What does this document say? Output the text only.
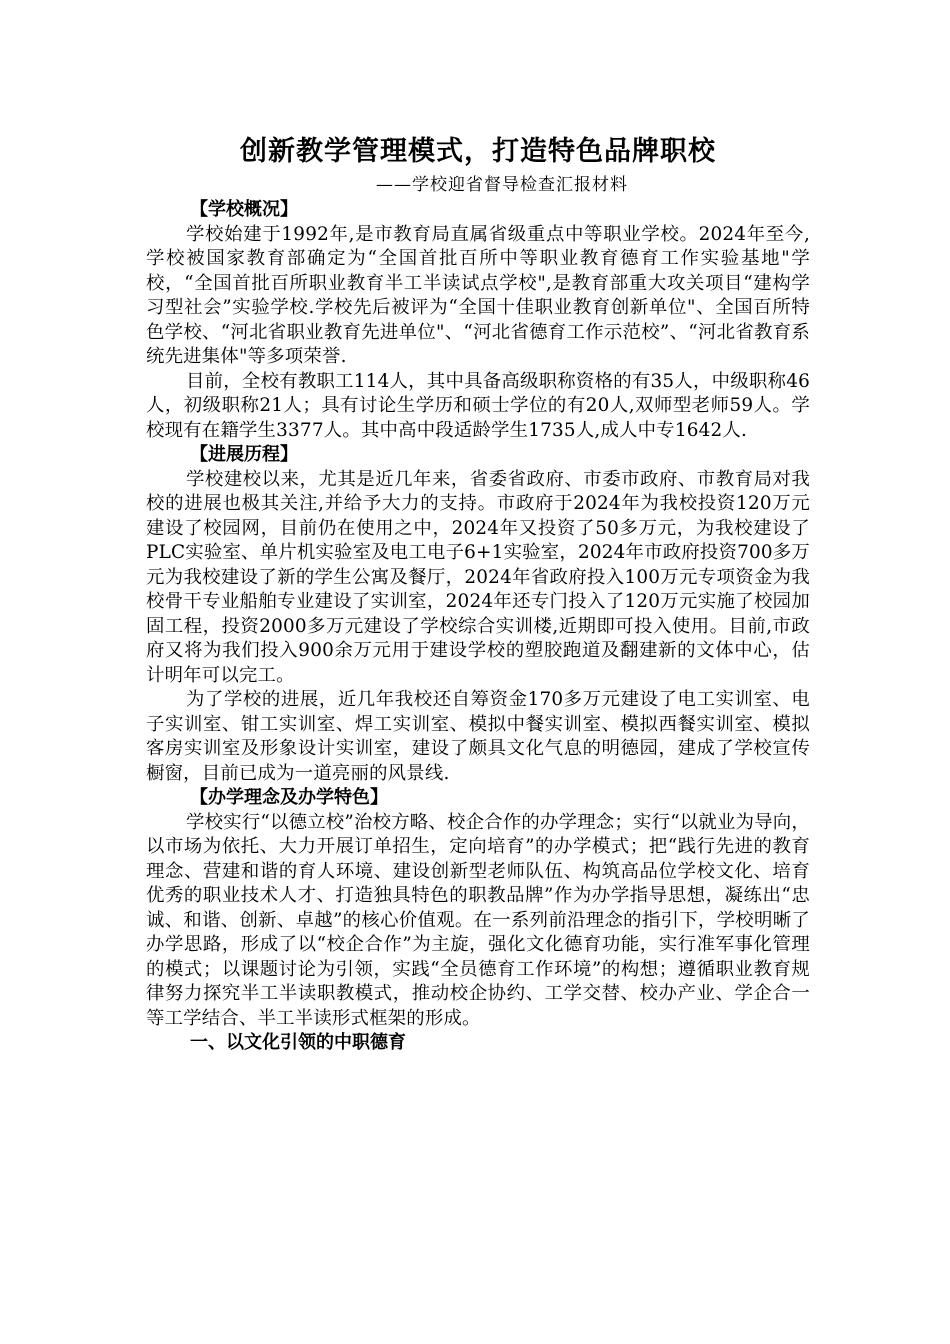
创新教学管理模式，打造特色品牌职校
——学校迎省督导检查汇报材料
【学校概况】

学校始建于1992年,是市教育局直属省级重点中等职业学校。2024年至今,学校被国家教育部确定为“全国首批百所中等职业教育德育工作实验基地"学校，“全国首批百所职业教育半工半读试点学校",是教育部重大攻关项目“建构学习型社会”实验学校.学校先后被评为“全国十佳职业教育创新单位"、全国百所特色学校、“河北省职业教育先进单位"、“河北省德育工作示范校”、“河北省教育系统先进集体"等多项荣誉.

目前，全校有教职工114人，其中具备高级职称资格的有35人，中级职称46人，初级职称21人；具有讨论生学历和硕士学位的有20人,双师型老师59人。学校现有在籍学生3377人。其中高中段适龄学生1735人,成人中专1642人.

【进展历程】

学校建校以来，尤其是近几年来，省委省政府、市委市政府、市教育局对我校的进展也极其关注,并给予大力的支持。市政府于2024年为我校投资120万元建设了校园网，目前仍在使用之中，2024年又投资了50多万元，为我校建设了PLC实验室、单片机实验室及电工电子6+1实验室，2024年市政府投资700多万元为我校建设了新的学生公寓及餐厅，2024年省政府投入100万元专项资金为我校骨干专业船舶专业建设了实训室，2024年还专门投入了120万元实施了校园加固工程，投资2000多万元建设了学校综合实训楼,近期即可投入使用。目前,市政府又将为我们投入900余万元用于建设学校的塑胶跑道及翻建新的文体中心，估计明年可以完工。

为了学校的进展，近几年我校还自筹资金170多万元建设了电工实训室、电子实训室、钳工实训室、焊工实训室、模拟中餐实训室、模拟西餐实训室、模拟客房实训室及形象设计实训室，建设了颇具文化气息的明德园，建成了学校宣传橱窗，目前已成为一道亮丽的风景线.

【办学理念及办学特色】

学校实行“以德立校”治校方略、校企合作的办学理念；实行“以就业为导向，以市场为依托、大力开展订单招生，定向培育”的办学模式；把“践行先进的教育理念、营建和谐的育人环境、建设创新型老师队伍、构筑高品位学校文化、培育优秀的职业技术人才、打造独具特色的职教品牌”作为办学指导思想，凝练出“忠诚、和谐、创新、卓越”的核心价值观。在一系列前沿理念的指引下，学校明晰了办学思路，形成了以“校企合作”为主旋，强化文化德育功能，实行准军事化管理的模式；以课题讨论为引领，实践“全员德育工作环境”的构想；遵循职业教育规律努力探究半工半读职教模式，推动校企协约、工学交替、校办产业、学企合一等工学结合、半工半读形式框架的形成。

一、以文化引领的中职德育
